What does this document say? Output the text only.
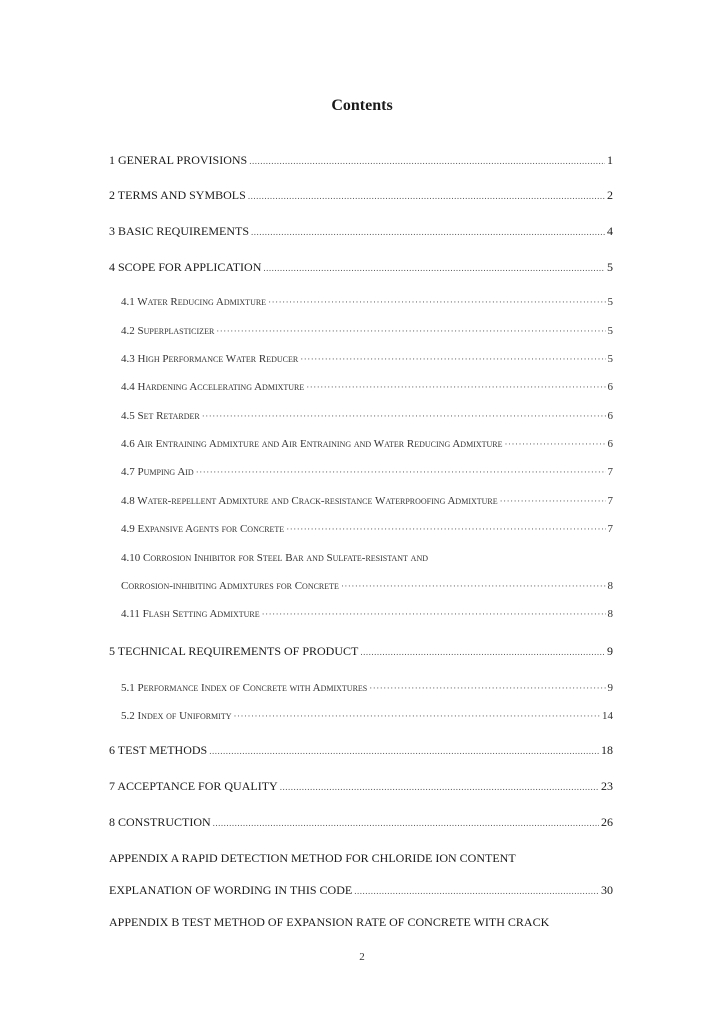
Contents
1 GENERAL PROVISIONS .....	1
2 TERMS AND SYMBOLS .....	2
3 BASIC REQUIREMENTS .....	4
4 SCOPE FOR APPLICATION .....	5
4.1 Water Reducing Admixture ·····	5
4.2 Superplasticizer ·····	5
4.3 High Performance Water Reducer ·····	5
4.4 Hardening Accelerating Admixture ·····	6
4.5 Set Retarder ·····	6
4.6 Air Entraining Admixture and Air Entraining and Water Reducing Admixture ·····	6
4.7 Pumping Aid ·····	7
4.8 Water-repellent Admixture and Crack-resistance Waterproofing Admixture ·····	7
4.9 Expansive Agents for Concrete ·····	7
4.10 Corrosion Inhibitor for Steel Bar and Sulfate-resistant and
Corrosion-inhibiting Admixtures for Concrete ·····	8
4.11 Flash Setting Admixture ·····	8
5 TECHNICAL REQUIREMENTS OF PRODUCT .....	9
5.1 Performance Index of Concrete with Admixtures ·····	9
5.2 Index of Uniformity ·····	14
6 TEST METHODS .....	18
7 ACCEPTANCE FOR QUALITY .....	23
8 CONSTRUCTION .....	26
APPENDIX A RAPID DETECTION METHOD FOR CHLORIDE ION CONTENT
EXPLANATION OF WORDING IN THIS CODE .....	30
APPENDIX B TEST METHOD OF EXPANSION RATE OF CONCRETE WITH CRACK
2
